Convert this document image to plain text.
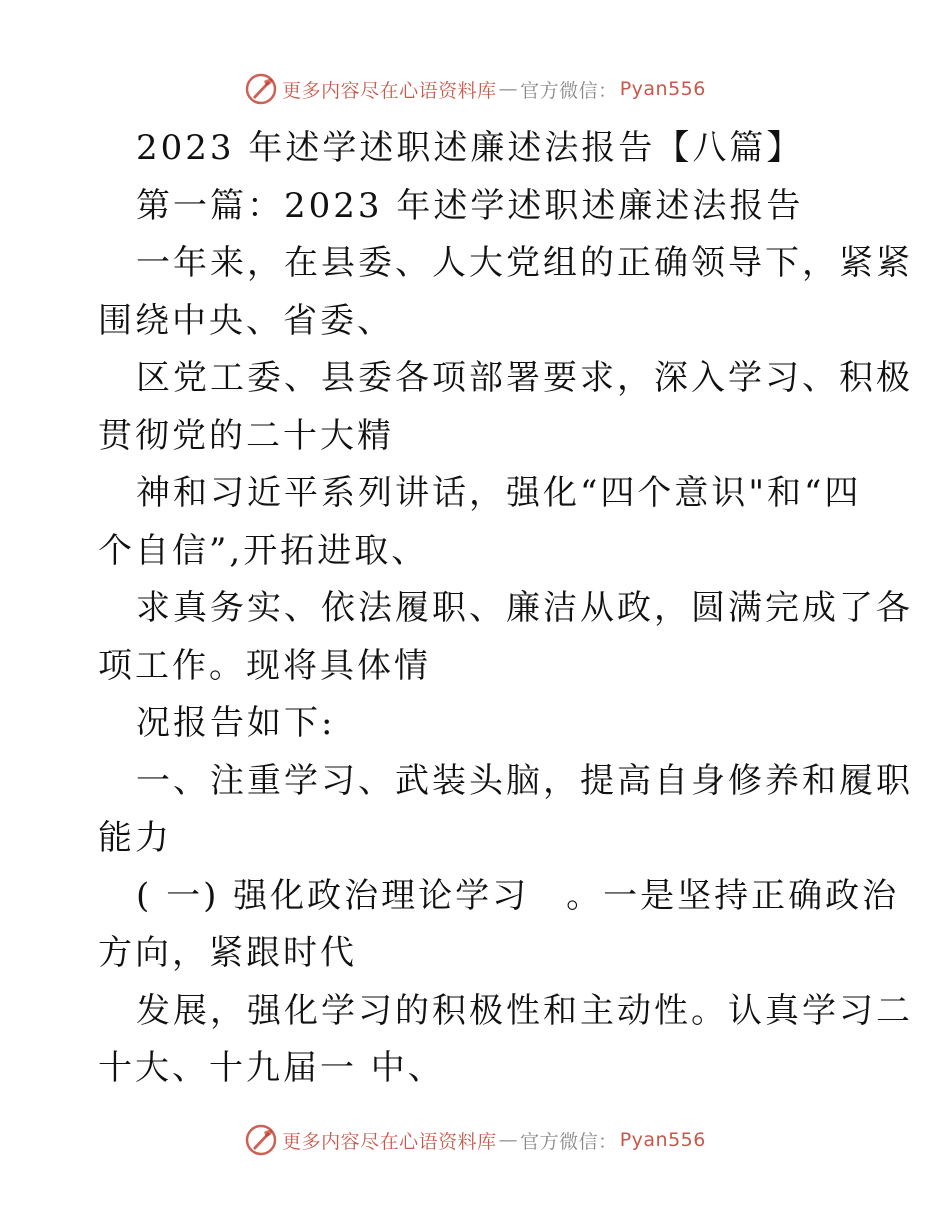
更多内容尽在心语资料库 — 官方微信： Pyan556
2023 年述学述职述廉述法报告【八篇】
第一篇：2023 年述学述职述廉述法报告
一年来，在县委、人大党组的正确领导下，紧紧
围绕中央、省委、
区党工委、县委各项部署要求，深入学习、积极
贯彻党的二十大精
神和习近平系列讲话，强化“四个意识"和“四
个自信”,开拓进取、
求真务实、依法履职、廉洁从政，圆满完成了各
项工作。现将具体情
况报告如下:
一、注重学习、武装头脑，提高自身修养和履职
能力
( 一) 强化政治理论学习　。一是坚持正确政治
方向，紧跟时代
发展，强化学习的积极性和主动性。认真学习二
十大、十九届一 中、
更多内容尽在心语资料库 — 官方微信： Pyan556
